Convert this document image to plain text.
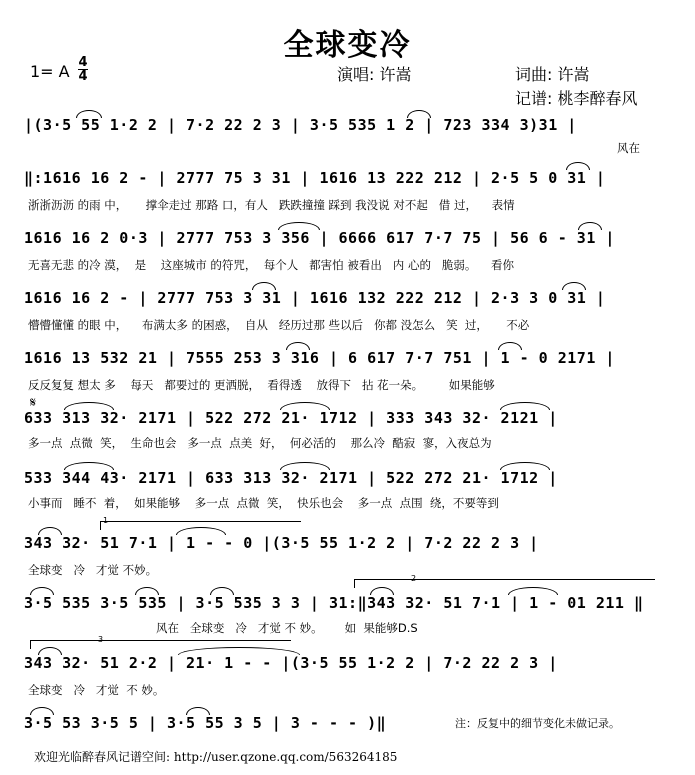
全球变冷
1= A 4
4	演唱: 许嵩	词曲: 许嵩
记谱: 桃李醉春风
|(3·5 55 1·2 2 | 7·2 22 2 3 | 3·5 535 1 2 | 723 334 3)31 |
风在
‖:1616 16 2 - | 2777 75 3 31 | 1616 13 222 212 | 2·5 5 0 31 |
浙浙沥沥 的雨 中，     撑伞走过 那路 口，有人   跌跌撞撞 踩到 我没说 对不起   借 过，    表情
1616 16 2 0·3 | 2777 753 3 356 | 6666 617 7·7 75 | 56 6 - 31 |
无喜无悲 的冷 漠，  是    这座城市 的符咒，  每个人   都害怕 被看出   内 心的   脆弱。    看你
1616 16 2 - | 2777 753 3 31 | 1616 132 222 212 | 2·3 3 0 31 |
懵懵懂懂 的眼 中，    布满太多 的困惑，  自从   经历过那 些以后   你都 没怎么   笑  过，     不必
1616 13 532 21 | 7555 253 3 316 | 6 617 7·7 751 | 1 - 0 2171 |
反反复复 想太 多    每天   都要过的 更洒脱，  看得透    放得下   拈 花一朵。       如果能够
𝄋
633 313 32· 2171 | 522 272 21· 1712 | 333 343 32· 2121 |
多一点  点微  笑，  生命也会   多一点  点美  好，  何必活的    那么冷  酷寂  寥，入夜总为
533 344 43· 2171 | 633 313 32· 2171 | 522 272 21· 1712 |
小事而   睡不  着，  如果能够    多一点  点微  笑，  快乐也会    多一点  点围  绕，不要等到
1
343 32· 51 7·1 | 1 - - 0 |(3·5 55 1·2 2 | 7·2 22 2 3 |
全球变   冷   才觉 不妙。
2
3·5 535 3·5 535 | 3·5 535 3 3 | 31:‖343 32· 51 7·1 | 1 - 01 211 ‖
风在   全球变   冷   才觉 不 妙。      如  果能够D.S
3
343 32· 51 2·2 | 21· 1 - - |(3·5 55 1·2 2 | 7·2 22 2 3 |
全球变   冷   才觉  不 妙。
3·5 53 3·5 5 | 3·5 55 3 5 | 3 - - - )‖	注：反复中的细节变化未做记录。
欢迎光临醉春风记谱空间: http://user.qzone.qq.com/563264185
